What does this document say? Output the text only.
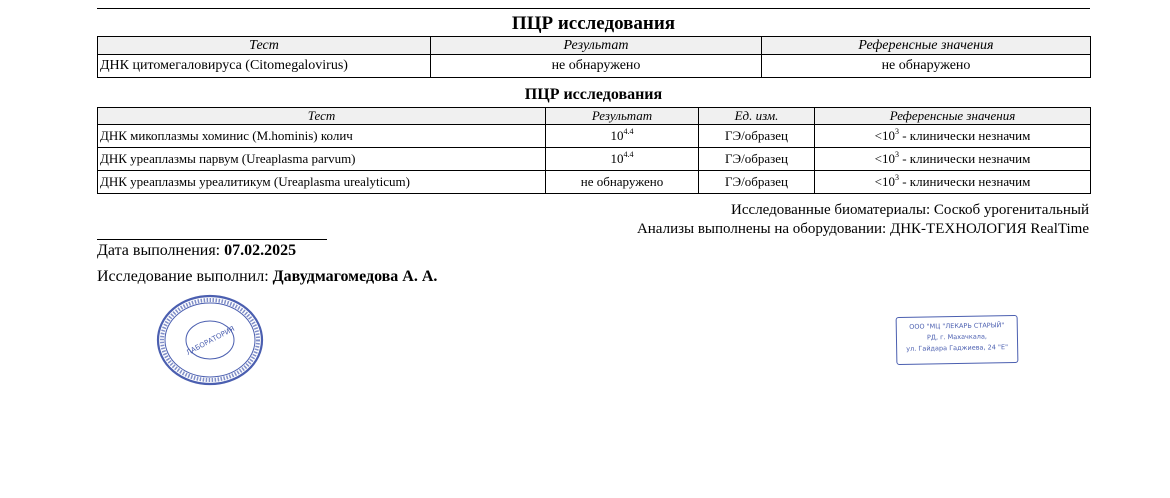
ПЦР исследования
Тест	Результат	Референсные значения
ДНК цитомегаловируса (Citomegalovirus)	не обнаружено	не обнаружено
ПЦР исследования
Тест	Результат	Ед. изм.	Референсные значения
ДНК микоплазмы хоминис (M.hominis) колич	$10^{4.4}$	ГЭ/образец	$<10^3$ - клинически незначим
ДНК уреаплазмы парвум (Ureaplasma parvum)	$10^{4.4}$	ГЭ/образец	$<10^3$ - клинически незначим
ДНК уреаплазмы уреалитикум (Ureaplasma urealyticum)	не обнаружено	ГЭ/образец	$<10^3$ - клинически незначим
Исследованные биоматериалы: Соскоб урогенитальный
Анализы выполнены на оборудовании: ДНК-ТЕХНОЛОГИЯ RealTime
Дата выполнения: 07.02.2025
Исследование выполнил: Давудмагомедова А. А.
ЛАБОРАТОРИЯ	ООО "МЦ "ЛЕКАРЬ СТАРЫЙ"
РД, г. Махачкала,
ул. Гайдара Гаджиева, 24 "Е"
